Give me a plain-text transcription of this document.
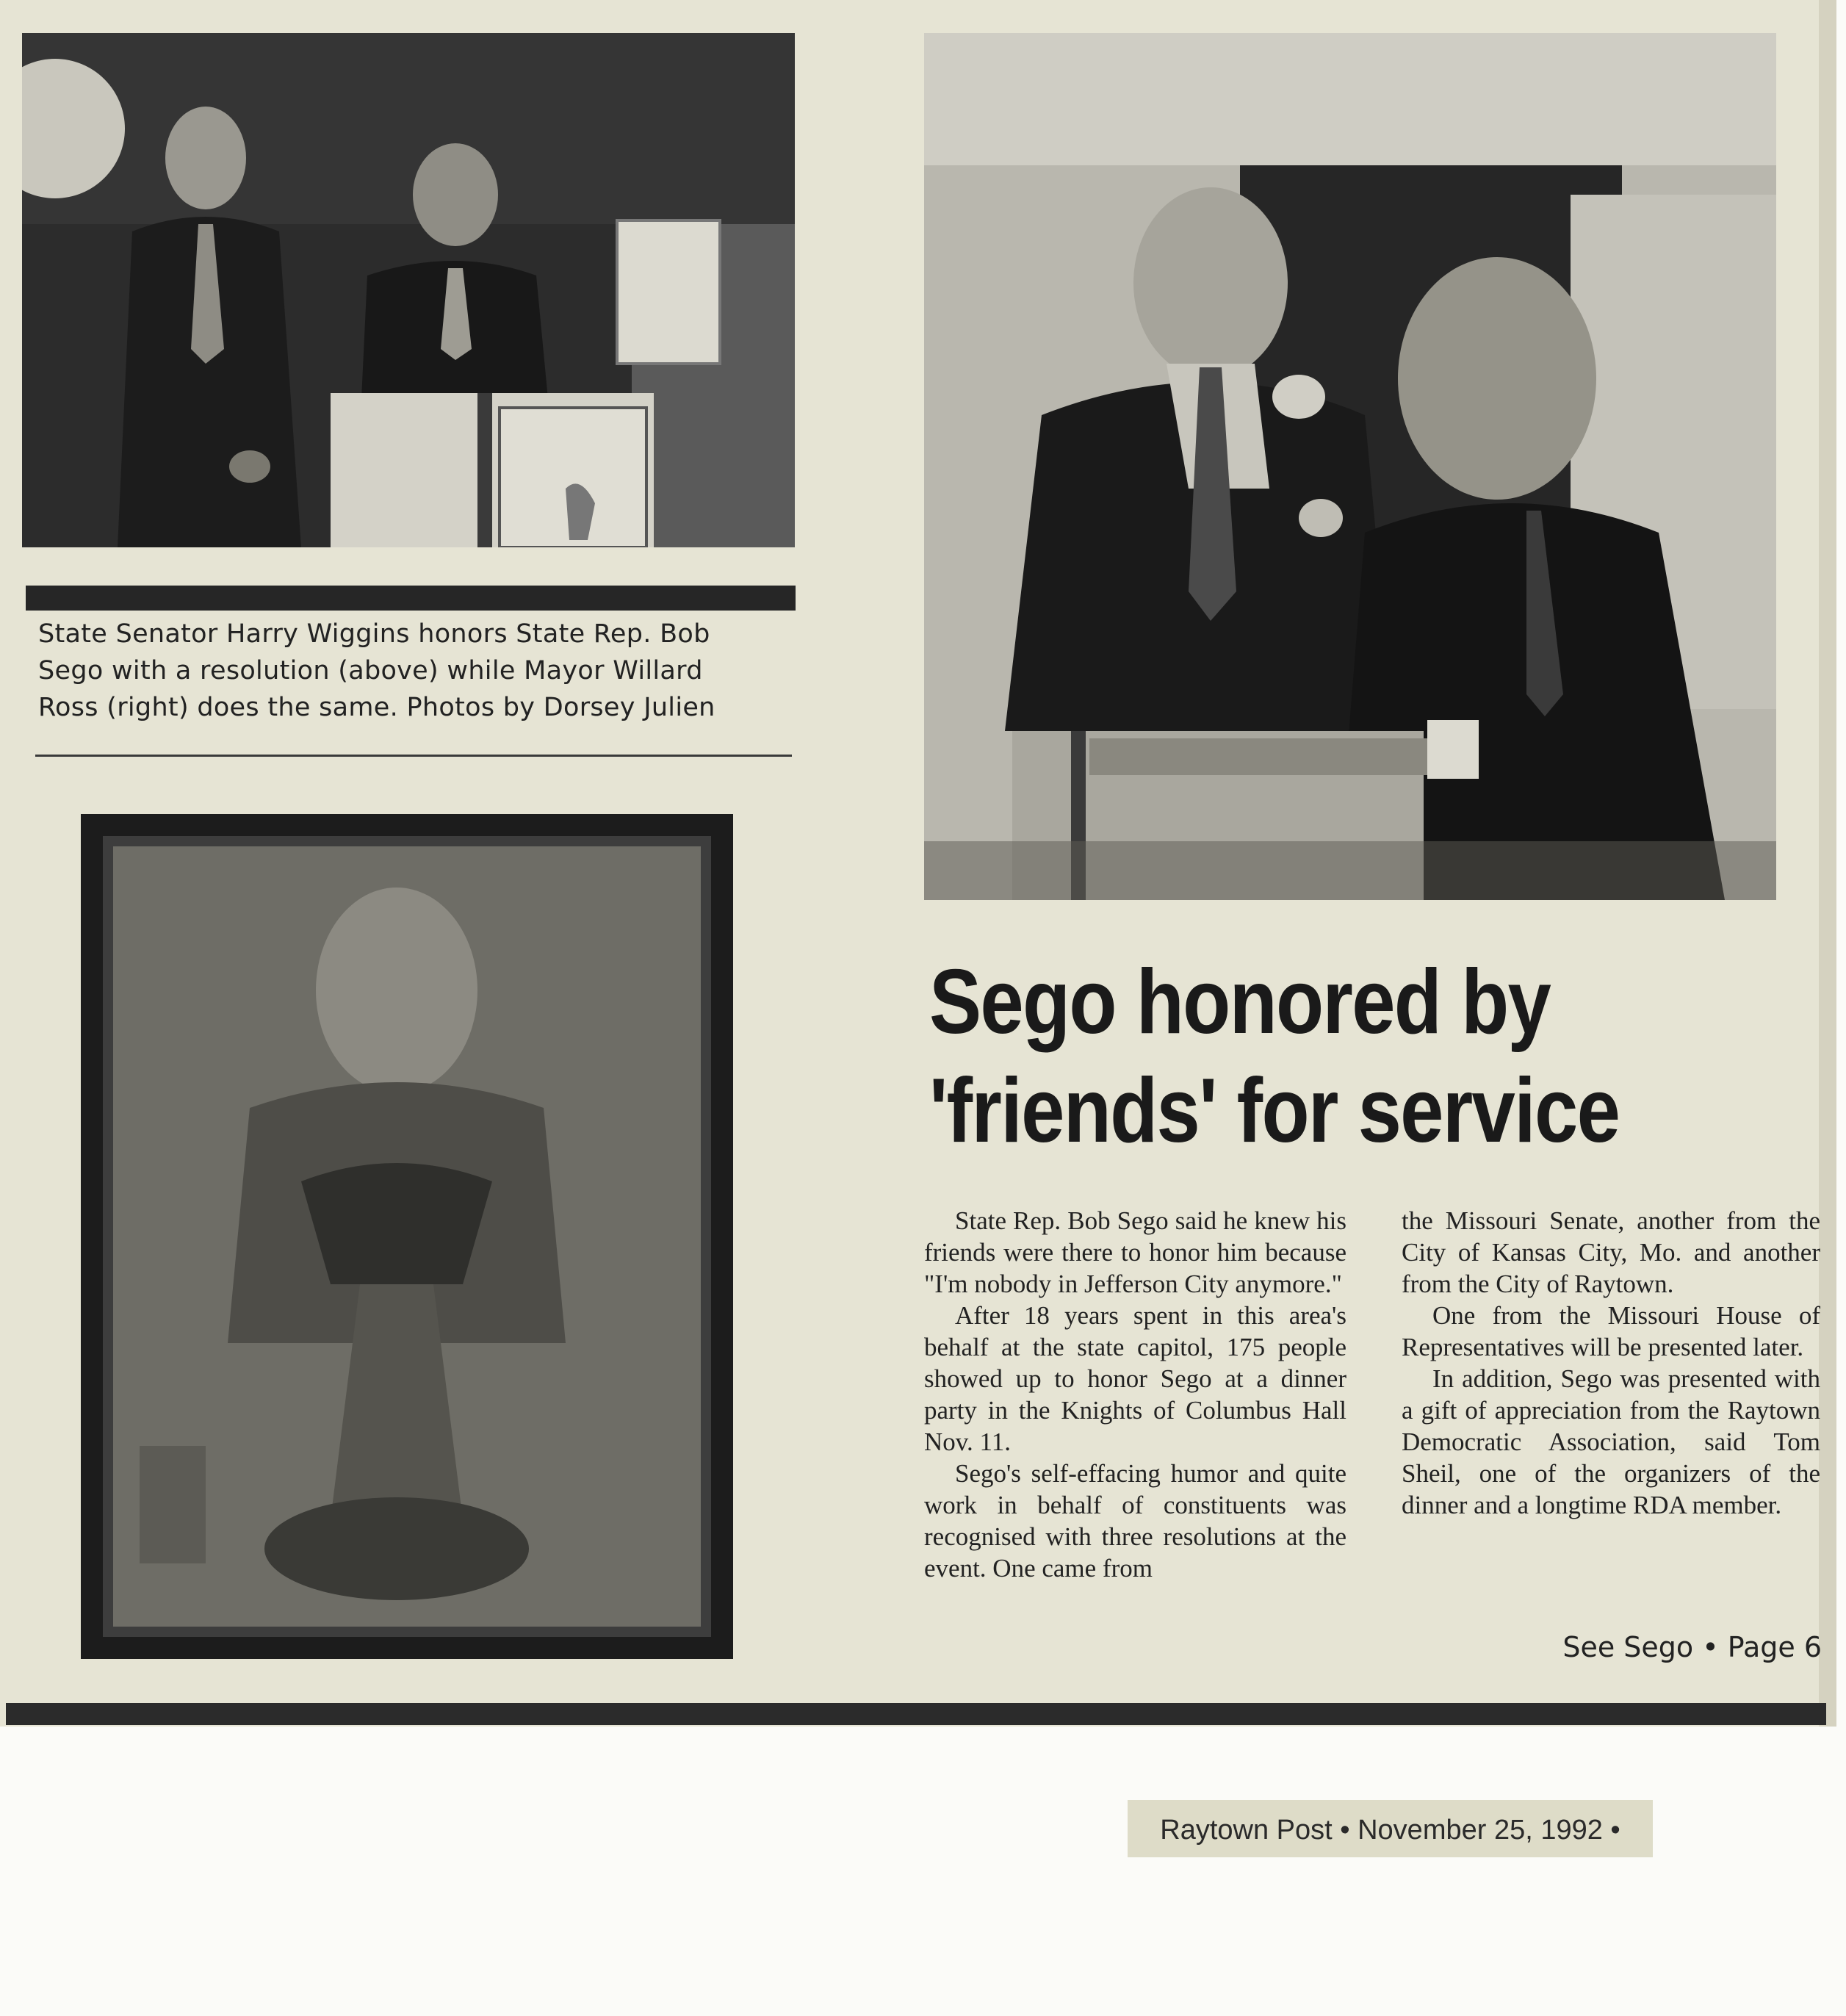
State Senator Harry Wiggins honors State Rep. Bob
Sego with a resolution (above) while Mayor Willard
Ross (right) does the same. Photos by Dorsey Julien
Sego honored by
'friends' for service

State Rep. Bob Sego said he knew his friends were there to honor him because "I'm nobody in Jefferson City anymore."

After 18 years spent in this area's behalf at the state capitol, 175 people showed up to honor Sego at a dinner party in the Knights of Columbus Hall Nov. 11.

Sego's self-effacing humor and quite work in behalf of constituents was recognised with three resolutions at the event. One came from

the Missouri Senate, another from the City of Kansas City, Mo. and another from the City of Raytown.

One from the Missouri House of Representatives will be presented later.

In addition, Sego was presented with a gift of appreciation from the Raytown Democratic Association, said Tom Sheil, one of the organizers of the dinner and a longtime RDA member.

See Sego • Page 6
Raytown Post • November 25, 1992 •
